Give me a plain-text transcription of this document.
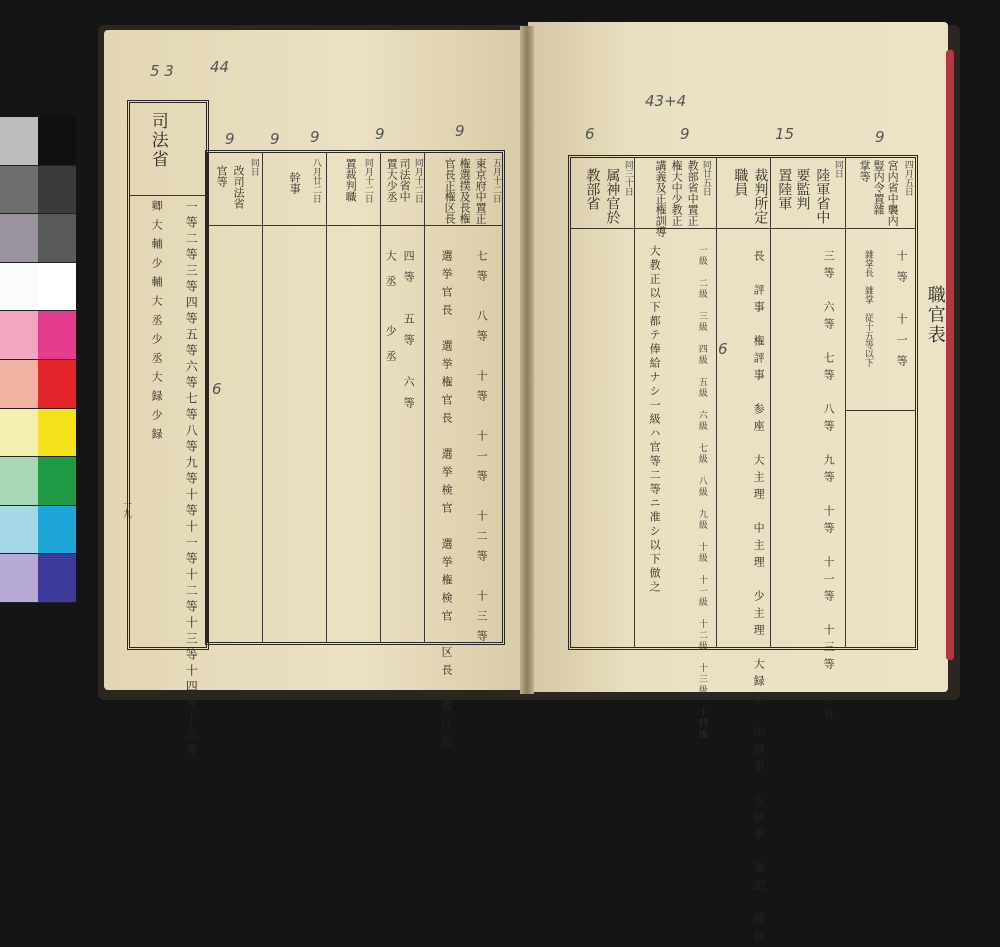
5 3 44
司法省
一等二等三等四等五等六等七等八等九等十等十一等十二等十三等十四等十五等
卿大輔少輔大丞少丞大録少録
十九
6
9
五月十二日
東京府中置正
権選撲及長権
官長正権区長
七等　八等　十等　十一等　十二等　十三等
選挙官長　選挙権官長　選挙検官　選挙権検官　区長　権区長
9
同月十二日
司法省中
置大少丞
四等　五等　六等
大丞　少丞
9
同月十二日
置裁判職
9
八月廿二日
幹事
9
同日
改司法省
官等
43+4
職官表
6
9
四月五日
宮内省中襲内
豎内令置雜
掌等
十等　十一等
雜掌長　雜掌　従十五等以下
15
同日
陸軍省中
要監判
置陸軍
9
裁判所定
職員
三等　六等　七等　八等　九等　十等　十一等　十三等　等外
長　評事　権評事　参座　大主理　中主理　少主理　大録事　中録事　少録事　書記　捕部
同廿五日
教部省中置正
権大中少教正
講義及正権訓導
一級　二級　三級　四級　五級　六級　七級　八級　九級　十級　十一級　十二級　十三級　十四級
大教正以下都テ俸給ナシ一級ハ官等二等ニ准シ以下倣之
6
同三十日
属神官於
教部省
